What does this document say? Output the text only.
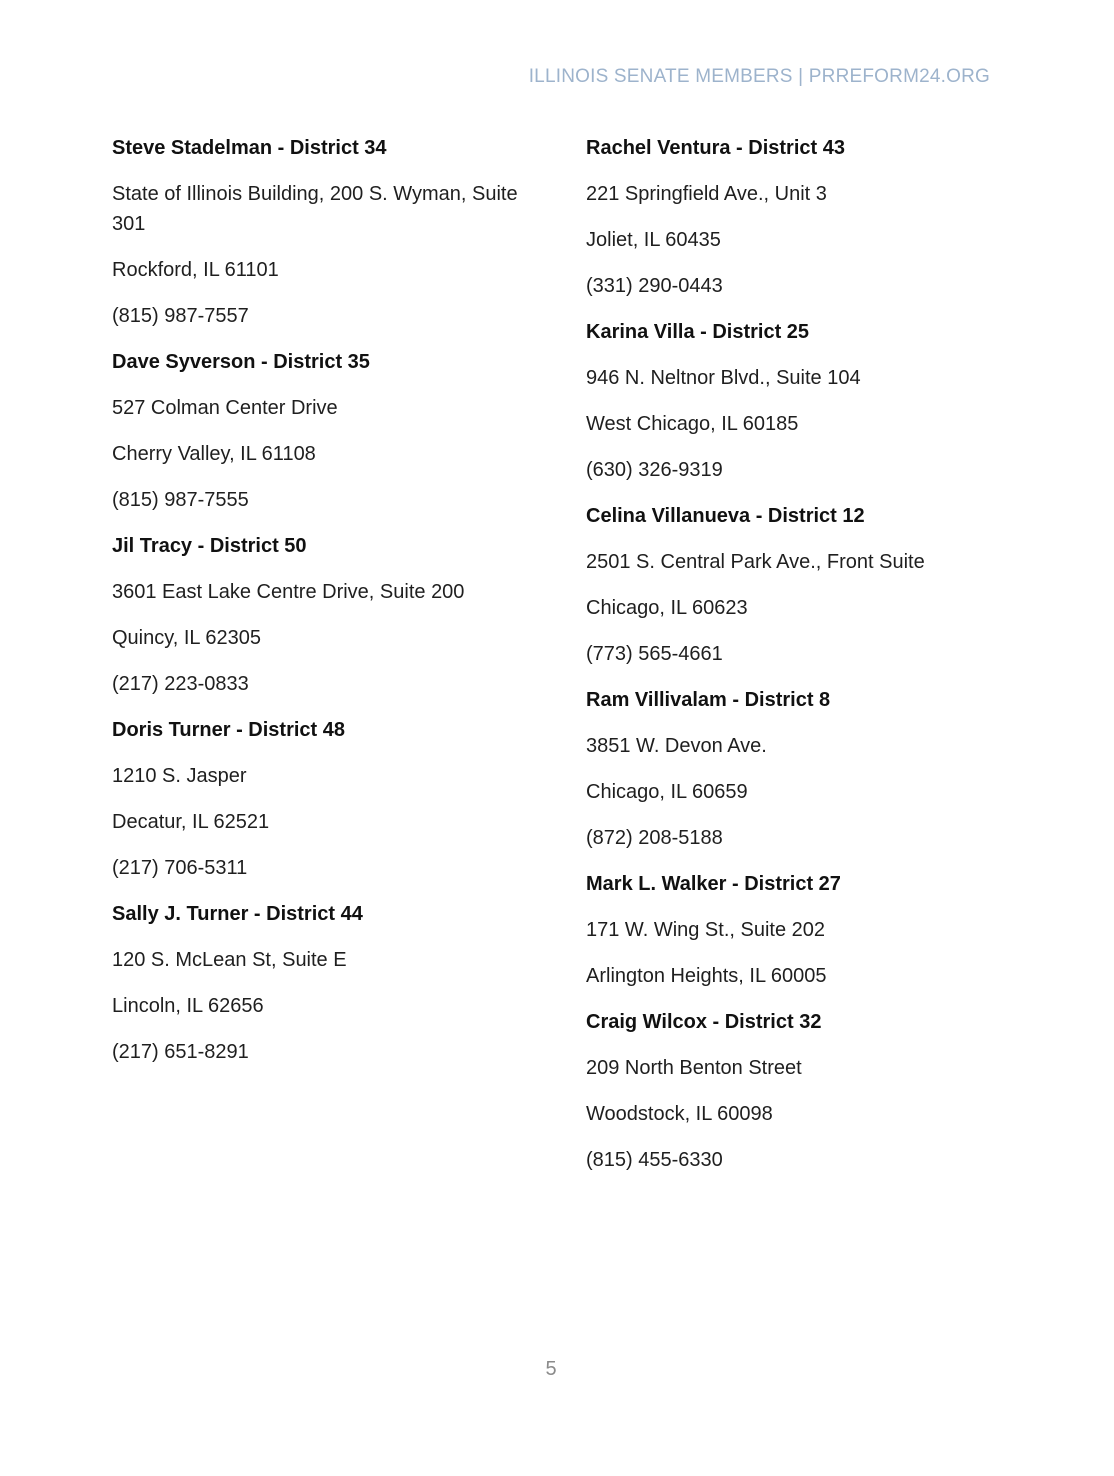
ILLINOIS SENATE MEMBERS | PRREFORM24.ORG

Steve Stadelman - District 34

State of Illinois Building, 200 S. Wyman, Suite 301

Rockford, IL 61101

(815) 987-7557

Dave Syverson - District 35

527 Colman Center Drive

Cherry Valley, IL 61108

(815) 987-7555

Jil Tracy - District 50

3601 East Lake Centre Drive, Suite 200

Quincy, IL 62305

(217) 223-0833

Doris Turner - District 48

1210 S. Jasper

Decatur, IL 62521

(217) 706-5311

Sally J. Turner - District 44

120 S. McLean St, Suite E

Lincoln, IL 62656

(217) 651-8291

Rachel Ventura - District 43

221 Springfield Ave., Unit 3

Joliet, IL 60435

(331) 290-0443

Karina Villa - District 25

946 N. Neltnor Blvd., Suite 104

West Chicago, IL 60185

(630) 326-9319

Celina Villanueva - District 12

2501 S. Central Park Ave., Front Suite

Chicago, IL 60623

(773) 565-4661

Ram Villivalam - District 8

3851 W. Devon Ave.

Chicago, IL 60659

(872) 208-5188

Mark L. Walker - District 27

171 W. Wing St., Suite 202

Arlington Heights, IL 60005

Craig Wilcox - District 32

209 North Benton Street

Woodstock, IL 60098

(815) 455-6330

5
